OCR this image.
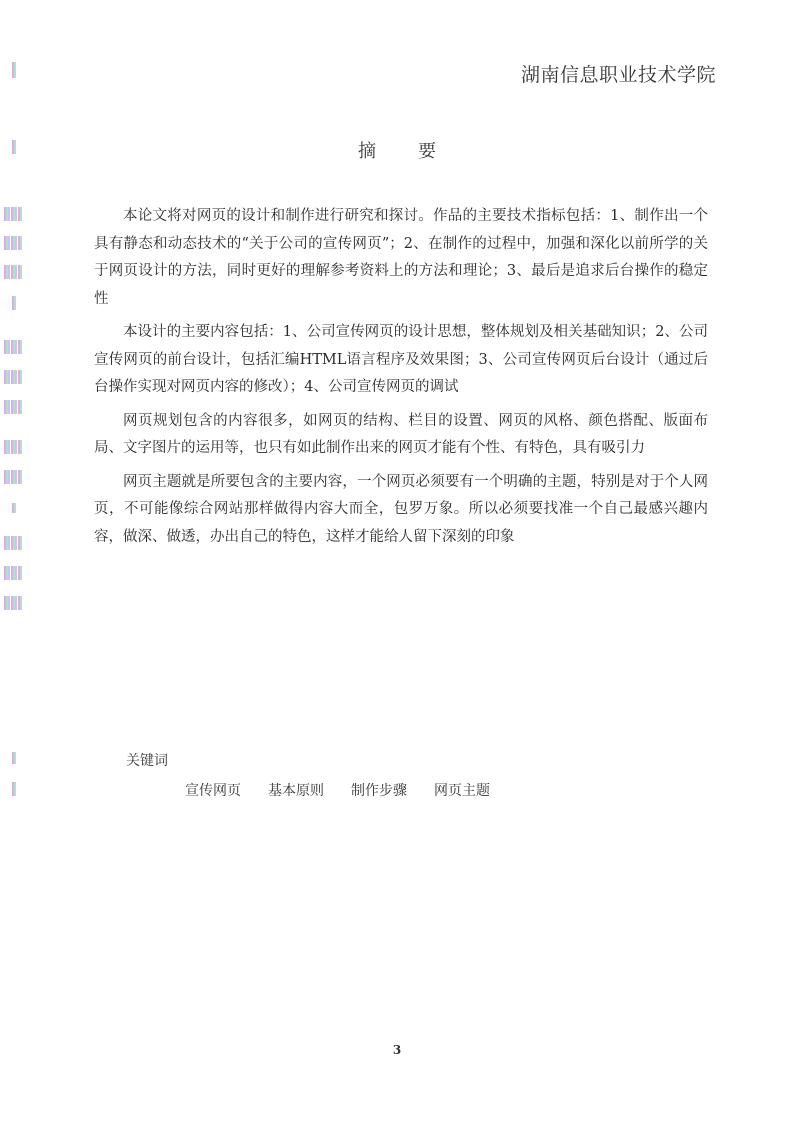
湖南信息职业技术学院
摘 要

本论文将对网页的设计和制作进行研究和探讨。作品的主要技术指标包括：1、制作出一个具有静态和动态技术的“关于公司的宣传网页”；2、在制作的过程中，加强和深化以前所学的关于网页设计的方法，同时更好的理解参考资料上的方法和理论；3、最后是追求后台操作的稳定性

本设计的主要内容包括：1、公司宣传网页的设计思想，整体规划及相关基础知识；2、公司宣传网页的前台设计，包括汇编HTML语言程序及效果图；3、公司宣传网页后台设计（通过后台操作实现对网页内容的修改）；4、公司宣传网页的调试

网页规划包含的内容很多，如网页的结构、栏目的设置、网页的风格、颜色搭配、版面布局、文字图片的运用等，也只有如此制作出来的网页才能有个性、有特色，具有吸引力

网页主题就是所要包含的主要内容，一个网页必须要有一个明确的主题，特别是对于个人网页，不可能像综合网站那样做得内容大而全，包罗万象。所以必须要找准一个自己最感兴趣内容，做深、做透，办出自己的特色，这样才能给人留下深刻的印象

关键词
宣传网页 基本原则 制作步骤 网页主题
3
